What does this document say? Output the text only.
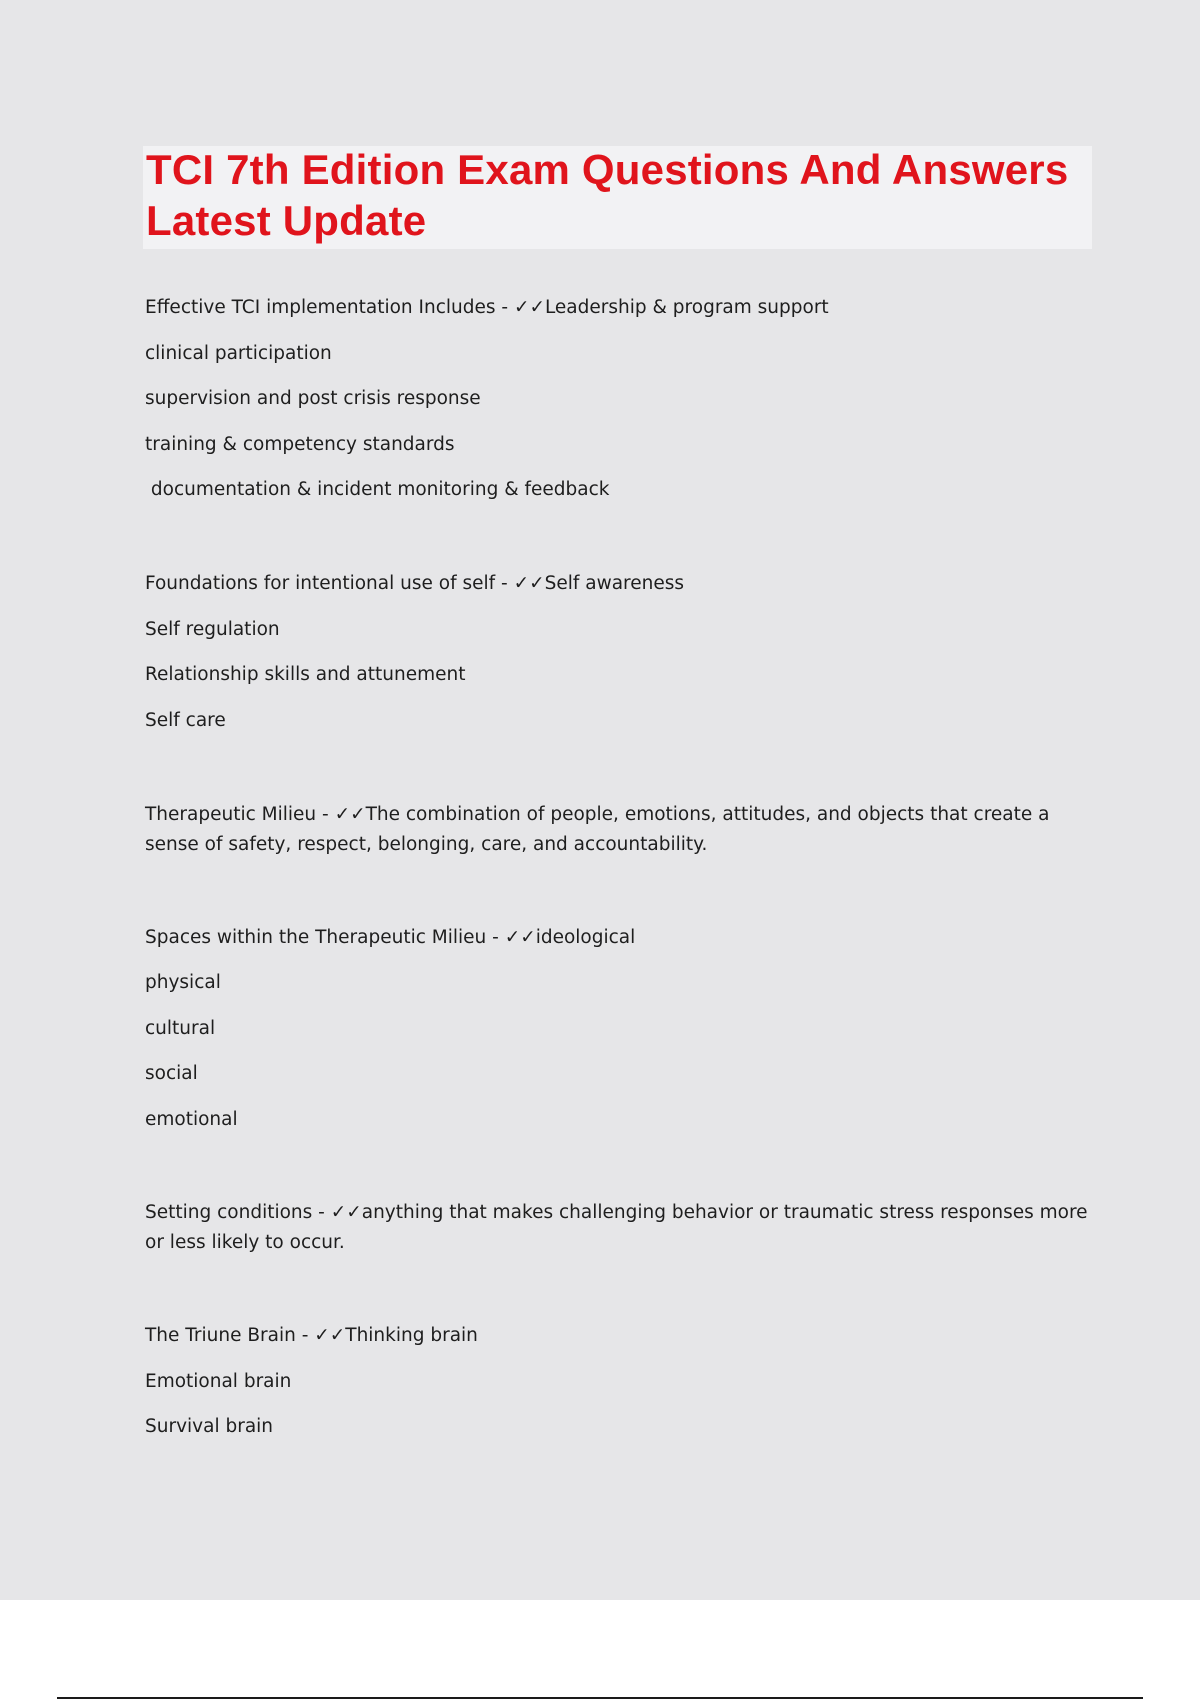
TCI 7th Edition Exam Questions And Answers Latest Update
Effective TCI implementation Includes - ✓✓Leadership & program support
clinical participation
supervision and post crisis response
training & competency standards
documentation & incident monitoring & feedback
Foundations for intentional use of self - ✓✓Self awareness
Self regulation
Relationship skills and attunement
Self care
Therapeutic Milieu - ✓✓The combination of people, emotions, attitudes, and objects that create a sense of safety, respect, belonging, care, and accountability.
Spaces within the Therapeutic Milieu - ✓✓ideological
physical
cultural
social
emotional
Setting conditions - ✓✓anything that makes challenging behavior or traumatic stress responses more or less likely to occur.
The Triune Brain - ✓✓Thinking brain
Emotional brain
Survival brain
